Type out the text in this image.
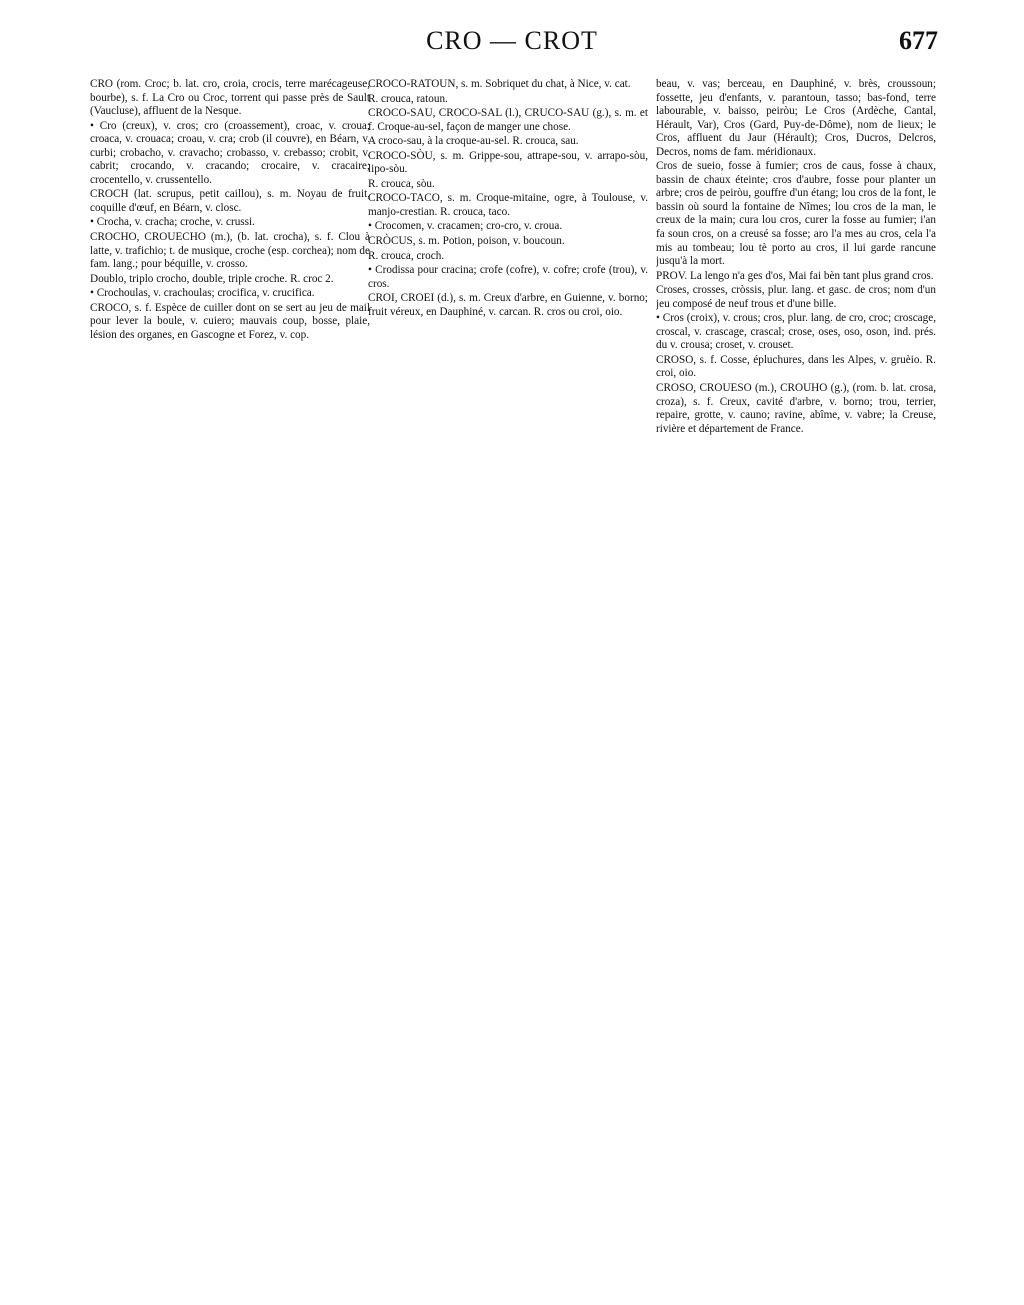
CRO — CROT	677

CRO (rom. Croc; b. lat. cro, croia, crocis, terre marécageuse, bourbe), s. f. La Cro ou Croc, torrent qui passe près de Sault (Vaucluse), affluent de la Nesque.

• Cro (creux), v. cros; cro (croassement), croac, v. croua; croaca, v. crouaca; croau, v. cra; crob (il couvre), en Béarn, v. curbi; crobacho, v. cravacho; crobasso, v. crebasso; crobit, v. cabrit; crocando, v. cracando; crocaire, v. cracaire; crocentello, v. crussentello.

CROCH (lat. scrupus, petit caillou), s. m. Noyau de fruit, coquille d'œuf, en Béarn, v. closc.

• Crocha, v. cracha; croche, v. crussi.

CROCHO, CROUECHO (m.), (b. lat. crocha), s. f. Clou à latte, v. trafichio; t. de musique, croche (esp. corchea); nom de fam. lang.; pour béquille, v. crosso.

Doublo, triplo crocho, double, triple croche. R. croc 2.

• Crochoulas, v. crachoulas; crocifica, v. crucifica.

CROCO, s. f. Espèce de cuiller dont on se sert au jeu de mail pour lever la boule, v. cuiero; mauvais coup, bosse, plaie, lésion des organes, en Gascogne et Forez, v. cop.

CROCO-RATOUN, s. m. Sobriquet du chat, à Nice, v. cat.

R. crouca, ratoun.

CROCO-SAU, CROCO-SAL (l.), CRUCO-SAU (g.), s. m. et f. Croque-au-sel, façon de manger une chose.

A croco-sau, à la croque-au-sel. R. crouca, sau.

CROCO-SÒU, s. m. Grippe-sou, attrape-sou, v. arrapo-sòu, lipo-sòu.

R. crouca, sòu.

CROCO-TACO, s. m. Croque-mitaine, ogre, à Toulouse, v. manjo-crestian. R. crouca, taco.

• Crocomen, v. cracamen; cro-cro, v. croua.

CRÒCUS, s. m. Potion, poison, v. boucoun.

R. crouca, croch.

• Crodissa pour cracina; crofe (cofre), v. cofre; crofe (trou), v. cros.

CROI, CROEI (d.), s. m. Creux d'arbre, en Guienne, v. borno; fruit véreux, en Dauphiné, v. carcan. R. cros ou croi, oio.

beau, v. vas; berceau, en Dauphiné, v. brès, croussoun; fossette, jeu d'enfants, v. parantoun, tasso; bas-fond, terre labourable, v. baisso, peiròu; Le Cros (Ardèche, Cantal, Hérault, Var), Cros (Gard, Puy-de-Dôme), nom de lieux; le Cros, affluent du Jaur (Hérault); Cros, Ducros, Delcros, Decros, noms de fam. méridionaux.

Cros de sueio, fosse à fumier; cros de caus, fosse à chaux, bassin de chaux éteinte; cros d'aubre, fosse pour planter un arbre; cros de peiròu, gouffre d'un étang; lou cros de la font, le bassin où sourd la fontaine de Nîmes; lou cros de la man, le creux de la main; cura lou cros, curer la fosse au fumier; i'an fa soun cros, on a creusé sa fosse; aro l'a mes au cros, cela l'a mis au tombeau; lou tè porto au cros, il lui garde rancune jusqu'à la mort.

PROV. La lengo n'a ges d'os, Mai fai bèn tant plus grand cros.

Croses, crosses, cròssis, plur. lang. et gasc. de cros; nom d'un jeu composé de neuf trous et d'une bille.

• Cros (croix), v. crous; cros, plur. lang. de cro, croc; croscage, croscal, v. crascage, crascal; crose, oses, oso, oson, ind. prés. du v. crousa; croset, v. crouset.

CROSO, s. f. Cosse, épluchures, dans les Alpes, v. gruèio. R. croi, oio.

CROSO, CROUESO (m.), CROUHO (g.), (rom. b. lat. crosa, croza), s. f. Creux, cavité d'arbre, v. borno; trou, terrier, repaire, grotte, v. cauno; ravine, abîme, v. vabre; la Creuse, rivière et département de France.
